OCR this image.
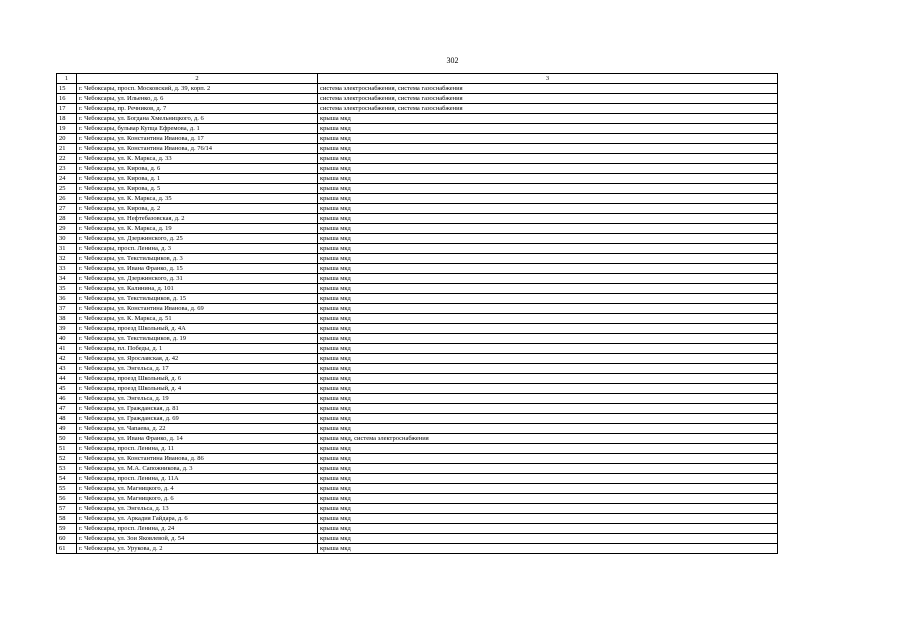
302
1	2	3
15	г. Чебоксары, просп. Московский, д. 39, корп. 2	система электроснабжения, система газоснабжения
16	г. Чебоксары, ул. Ильенко, д. 6	система электроснабжения, система газоснабжения
17	г. Чебоксары, пр. Речников, д. 7	система электроснабжения, система газоснабжения
18	г. Чебоксары, ул. Богдана Хмельницкого, д. 6	крыша мкд
19	г. Чебоксары, бульвар Купца Ефремова, д. 1	крыша мкд
20	г. Чебоксары, ул. Константина Иванова, д. 17	крыша мкд
21	г. Чебоксары, ул. Константина Иванова, д. 76/14	крыша мкд
22	г. Чебоксары, ул. К. Маркса, д. 33	крыша мкд
23	г. Чебоксары, ул. Кирова, д. 6	крыша мкд
24	г. Чебоксары, ул. Кирова, д. 1	крыша мкд
25	г. Чебоксары, ул. Кирова, д. 5	крыша мкд
26	г. Чебоксары, ул. К. Маркса, д. 35	крыша мкд
27	г. Чебоксары, ул. Кирова, д. 2	крыша мкд
28	г. Чебоксары, ул. Нефтебазовская, д. 2	крыша мкд
29	г. Чебоксары, ул. К. Маркса, д. 19	крыша мкд
30	г. Чебоксары, ул. Дзержинского, д. 25	крыша мкд
31	г. Чебоксары, просп. Ленина, д. 3	крыша мкд
32	г. Чебоксары, ул. Текстильщиков, д. 3	крыша мкд
33	г. Чебоксары, ул. Ивана Франко, д. 15	крыша мкд
34	г. Чебоксары, ул. Дзержинского, д. 31	крыша мкд
35	г. Чебоксары, ул. Калинина, д. 101	крыша мкд
36	г. Чебоксары, ул. Текстильщиков, д. 15	крыша мкд
37	г. Чебоксары, ул. Константина Иванова, д. 69	крыша мкд
38	г. Чебоксары, ул. К. Маркса, д. 51	крыша мкд
39	г. Чебоксары, проезд Школьный, д. 4А	крыша мкд
40	г. Чебоксары, ул. Текстильщиков, д. 19	крыша мкд
41	г. Чебоксары, пл. Победы, д. 1	крыша мкд
42	г. Чебоксары, ул. Ярославская, д. 42	крыша мкд
43	г. Чебоксары, ул. Энгельса, д. 17	крыша мкд
44	г. Чебоксары, проезд Школьный, д. 6	крыша мкд
45	г. Чебоксары, проезд Школьный, д. 4	крыша мкд
46	г. Чебоксары, ул. Энгельса, д. 19	крыша мкд
47	г. Чебоксары, ул. Гражданская, д. 81	крыша мкд
48	г. Чебоксары, ул. Гражданская, д. 69	крыша мкд
49	г. Чебоксары, ул. Чапаева, д. 22	крыша мкд
50	г. Чебоксары, ул. Ивана Франко, д. 14	крыша мкд, система электроснабжения
51	г. Чебоксары, просп. Ленина, д. 11	крыша мкд
52	г. Чебоксары, ул. Константина Иванова, д. 86	крыша мкд
53	г. Чебоксары, ул. М.А. Сапожникова, д. 3	крыша мкд
54	г. Чебоксары, просп. Ленина, д. 11А	крыша мкд
55	г. Чебоксары, ул. Магницкого, д. 4	крыша мкд
56	г. Чебоксары, ул. Магницкого, д. 6	крыша мкд
57	г. Чебоксары, ул. Энгельса, д. 13	крыша мкд
58	г. Чебоксары, ул. Аркадия Гайдара, д. 6	крыша мкд
59	г. Чебоксары, просп. Ленина, д. 24	крыша мкд
60	г. Чебоксары, ул. Зои Яковлевой, д. 54	крыша мкд
61	г. Чебоксары, ул. Урукова, д. 2	крыша мкд
